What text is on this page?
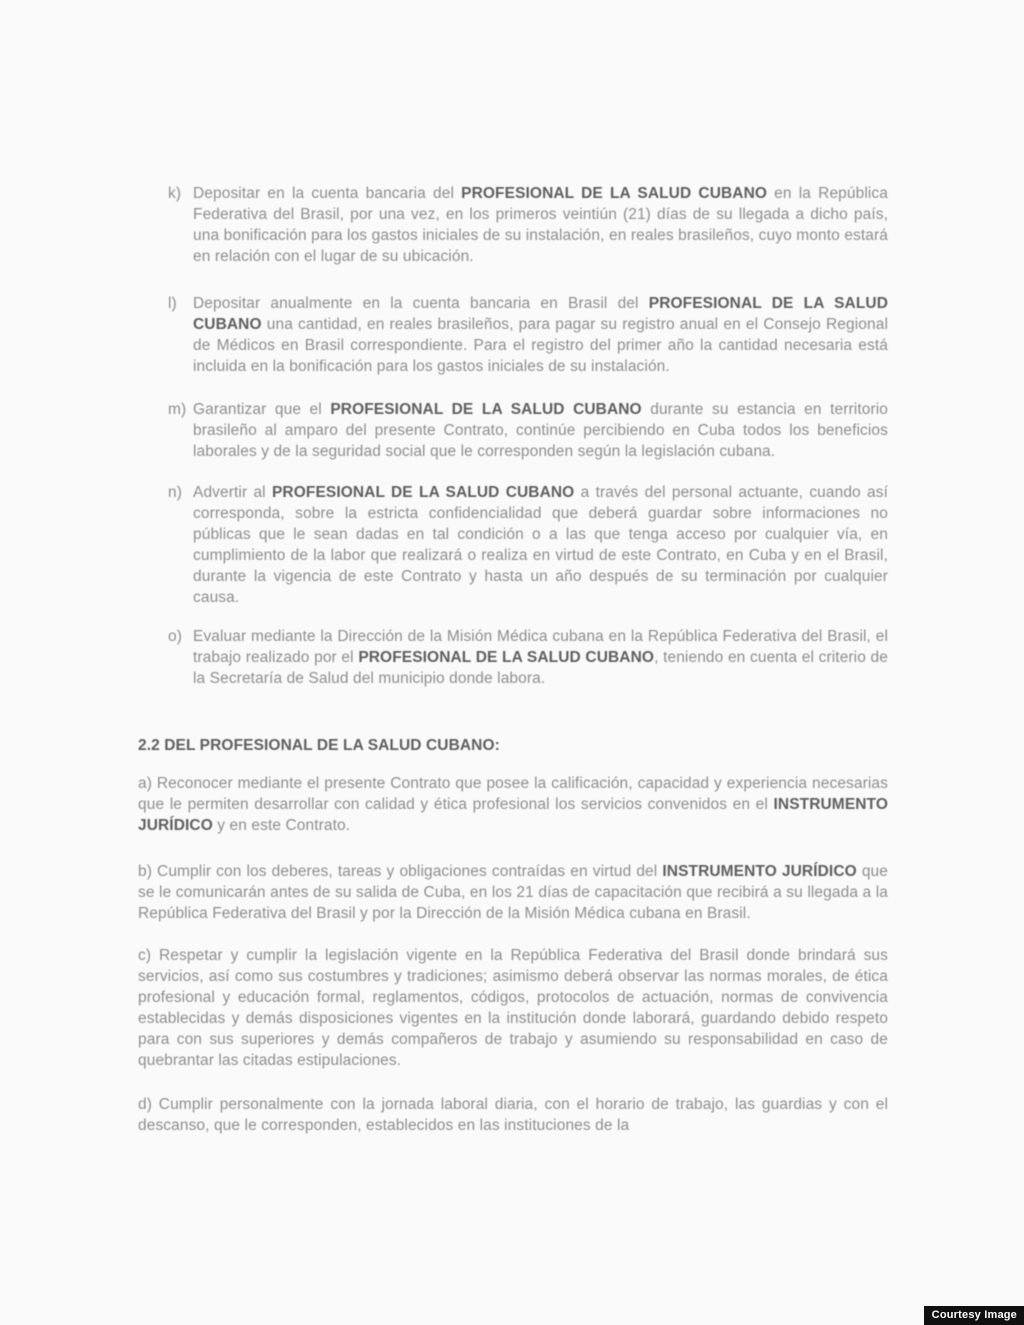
k) Depositar en la cuenta bancaria del PROFESIONAL DE LA SALUD CUBANO en la República Federativa del Brasil, por una vez, en los primeros veintiún (21) días de su llegada a dicho país, una bonificación para los gastos iniciales de su instalación, en reales brasileños, cuyo monto estará en relación con el lugar de su ubicación.
l)	Depositar anualmente en la cuenta bancaria en Brasil del PROFESIONAL DE LA SALUD CUBANO una cantidad, en reales brasileños, para pagar su registro anual en el Consejo Regional de Médicos en Brasil correspondiente. Para el registro del primer año la cantidad necesaria está incluida en la bonificación para los gastos iniciales de su instalación.
m) Garantizar que el PROFESIONAL DE LA SALUD CUBANO durante su estancia en territorio brasileño al amparo del presente Contrato, continúe percibiendo en Cuba todos los beneficios laborales y de la seguridad social que le corresponden según la legislación cubana.
n) Advertir al PROFESIONAL DE LA SALUD CUBANO a través del personal actuante, cuando así corresponda, sobre la estricta confidencialidad que deberá guardar sobre informaciones no públicas que le sean dadas en tal condición o a las que tenga acceso por cualquier vía, en cumplimiento de la labor que realizará o realiza en virtud de este Contrato, en Cuba y en el Brasil, durante la vigencia de este Contrato y hasta un año después de su terminación por cualquier causa.
o) Evaluar mediante la Dirección de la Misión Médica cubana en la República Federativa del Brasil, el trabajo realizado por el PROFESIONAL DE LA SALUD CUBANO, teniendo en cuenta el criterio de la Secretaría de Salud del municipio donde labora.
2.2 DEL PROFESIONAL DE LA SALUD CUBANO:

a) Reconocer mediante el presente Contrato que posee la calificación, capacidad y experiencia necesarias que le permiten desarrollar con calidad y ética profesional los servicios convenidos en el INSTRUMENTO JURÍDICO y en este Contrato.

b) Cumplir con los deberes, tareas y obligaciones contraídas en virtud del INSTRUMENTO JURÍDICO que se le comunicarán antes de su salida de Cuba, en los 21 días de capacitación que recibirá a su llegada a la República Federativa del Brasil y por la Dirección de la Misión Médica cubana en Brasil.

c) Respetar y cumplir la legislación vigente en la República Federativa del Brasil donde brindará sus servicios, así como sus costumbres y tradiciones; asimismo deberá observar las normas morales, de ética profesional y educación formal, reglamentos, códigos, protocolos de actuación, normas de convivencia establecidas y demás disposiciones vigentes en la institución donde laborará, guardando debido respeto para con sus superiores y demás compañeros de trabajo y asumiendo su responsabilidad en caso de quebrantar las citadas estipulaciones.

d) Cumplir personalmente con la jornada laboral diaria, con el horario de trabajo, las guardias y con el descanso, que le corresponden, establecidos en las instituciones de la

Courtesy Image
